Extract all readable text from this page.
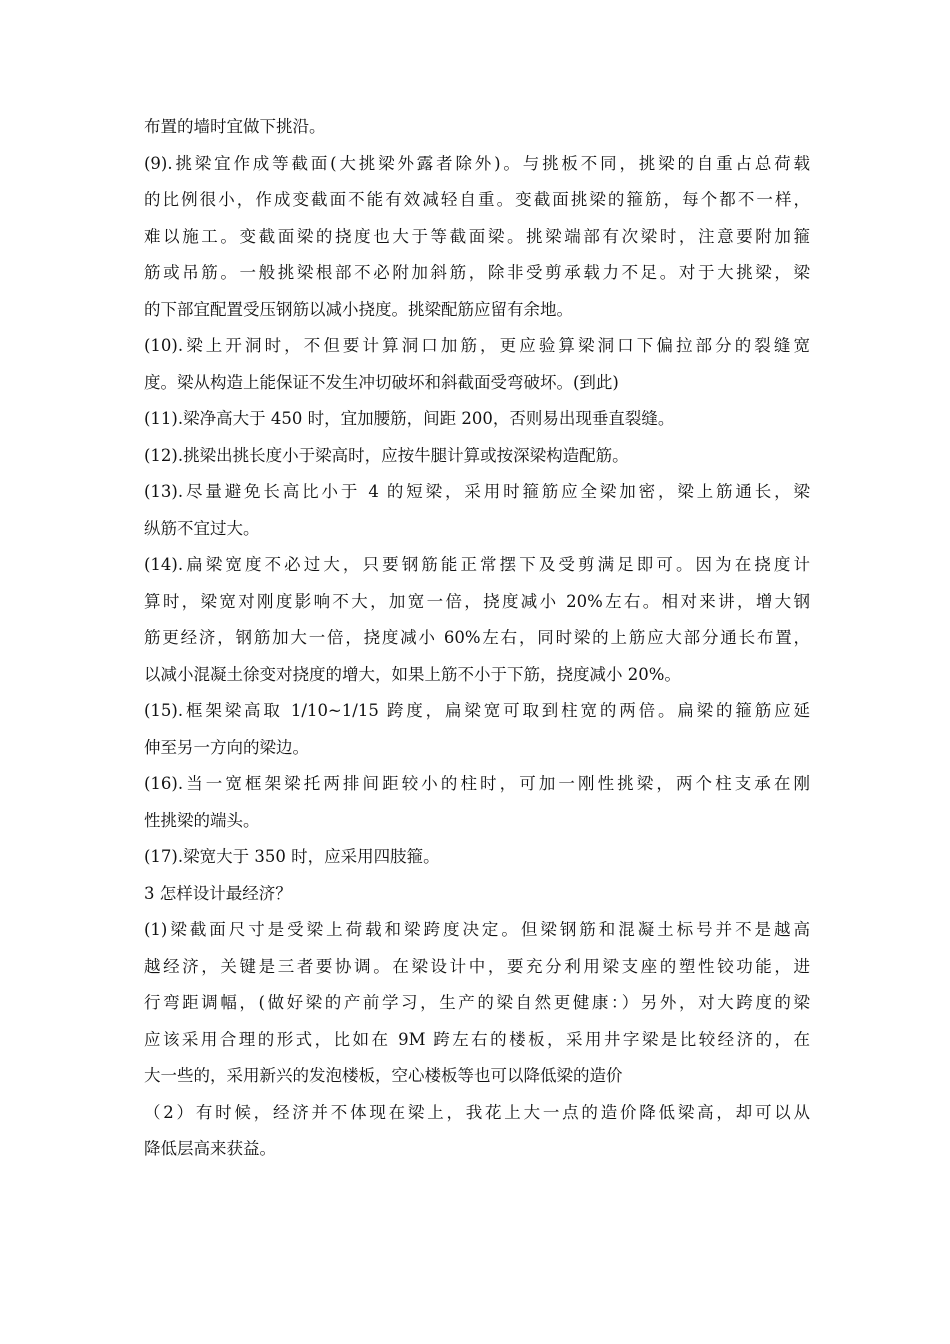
布置的墙时宜做下挑沿。
(9).挑梁宜作成等截面(大挑梁外露者除外)。与挑板不同，挑梁的自重占总荷载
的比例很小，作成变截面不能有效减轻自重。变截面挑梁的箍筋，每个都不一样，
难以施工。变截面梁的挠度也大于等截面梁。挑梁端部有次梁时，注意要附加箍
筋或吊筋。一般挑梁根部不必附加斜筋，除非受剪承载力不足。对于大挑梁，梁
的下部宜配置受压钢筋以减小挠度。挑梁配筋应留有余地。
(10).梁上开洞时，不但要计算洞口加筋，更应验算梁洞口下偏拉部分的裂缝宽
度。梁从构造上能保证不发生冲切破坏和斜截面受弯破坏。(到此)
(11).梁净高大于 450 时，宜加腰筋，间距 200，否则易出现垂直裂缝。
(12).挑梁出挑长度小于梁高时，应按牛腿计算或按深梁构造配筋。
(13).尽量避免长高比小于 4 的短梁，采用时箍筋应全梁加密，梁上筋通长，梁
纵筋不宜过大。
(14).扁梁宽度不必过大，只要钢筋能正常摆下及受剪满足即可。因为在挠度计
算时，梁宽对刚度影响不大，加宽一倍，挠度减小 20%左右。相对来讲，增大钢
筋更经济，钢筋加大一倍，挠度减小 60%左右，同时梁的上筋应大部分通长布置，
以减小混凝土徐变对挠度的增大，如果上筋不小于下筋，挠度减小 20%。
(15).框架梁高取 1/10~1/15 跨度，扁梁宽可取到柱宽的两倍。扁梁的箍筋应延
伸至另一方向的梁边。
(16).当一宽框架梁托两排间距较小的柱时，可加一刚性挑梁，两个柱支承在刚
性挑梁的端头。
(17).梁宽大于 350 时，应采用四肢箍。
3 怎样设计最经济？
(1)梁截面尺寸是受梁上荷载和梁跨度决定。但梁钢筋和混凝土标号并不是越高
越经济，关键是三者要协调。在梁设计中，要充分利用梁支座的塑性铰功能，进
行弯距调幅，(做好梁的产前学习，生产的梁自然更健康：）另外，对大跨度的梁
应该采用合理的形式，比如在 9M 跨左右的楼板，采用井字梁是比较经济的，在
大一些的，采用新兴的发泡楼板，空心楼板等也可以降低梁的造价
（2）有时候，经济并不体现在梁上，我花上大一点的造价降低梁高，却可以从
降低层高来获益。
